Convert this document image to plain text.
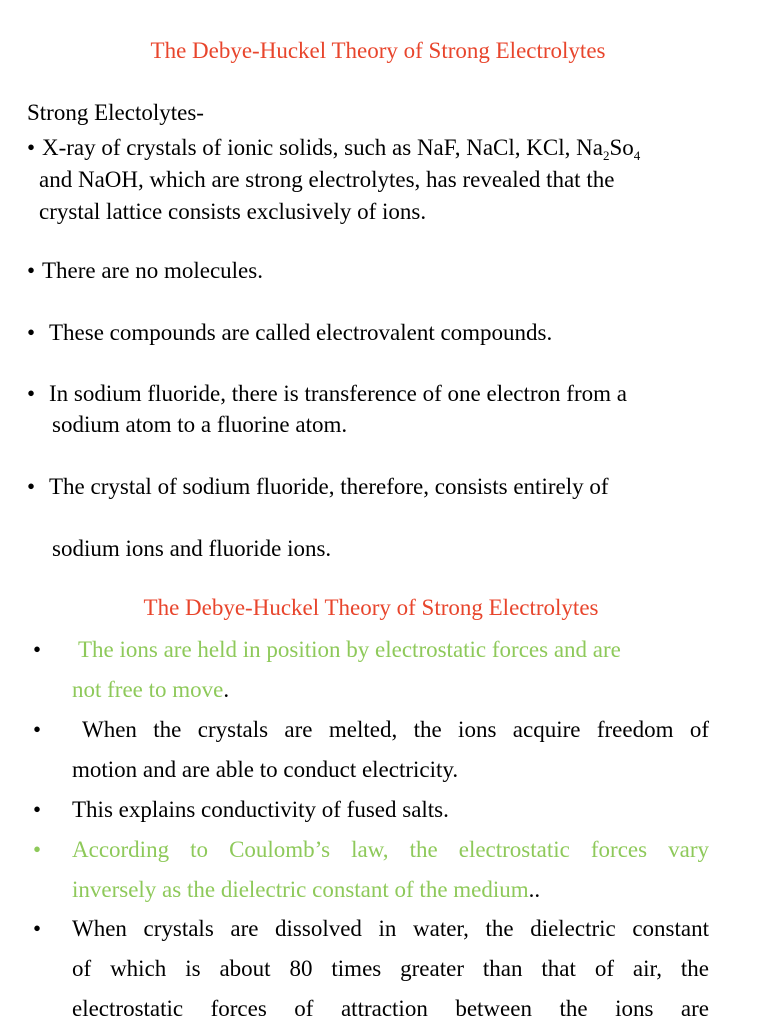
The Debye-Huckel Theory of Strong Electrolytes
Strong Electolytes-
• X-ray of crystals of ionic solids, such as NaF, NaCl, KCl, $Na_2So_4$
and NaOH, which are strong electrolytes, has revealed that the
crystal lattice consists exclusively of ions.
• There are no molecules.
• These compounds are called electrovalent compounds.
• In sodium fluoride, there is transference of one electron from a
sodium atom to a fluorine atom.
• The crystal of sodium fluoride, therefore, consists entirely of
sodium ions and fluoride ions.
The Debye-Huckel Theory of Strong Electrolytes
• The ions are held in position by electrostatic forces and are
not free to move.
• When the crystals are melted, the ions acquire freedom of
motion and are able to conduct electricity.
• This explains conductivity of fused salts.
• According to Coulomb’s law, the electrostatic forces vary
inversely as the dielectric constant of the medium..
• When crystals are dissolved in water, the dielectric constant
of which is about 80 times greater than that of air, the
electrostatic forces of attraction between the ions are
